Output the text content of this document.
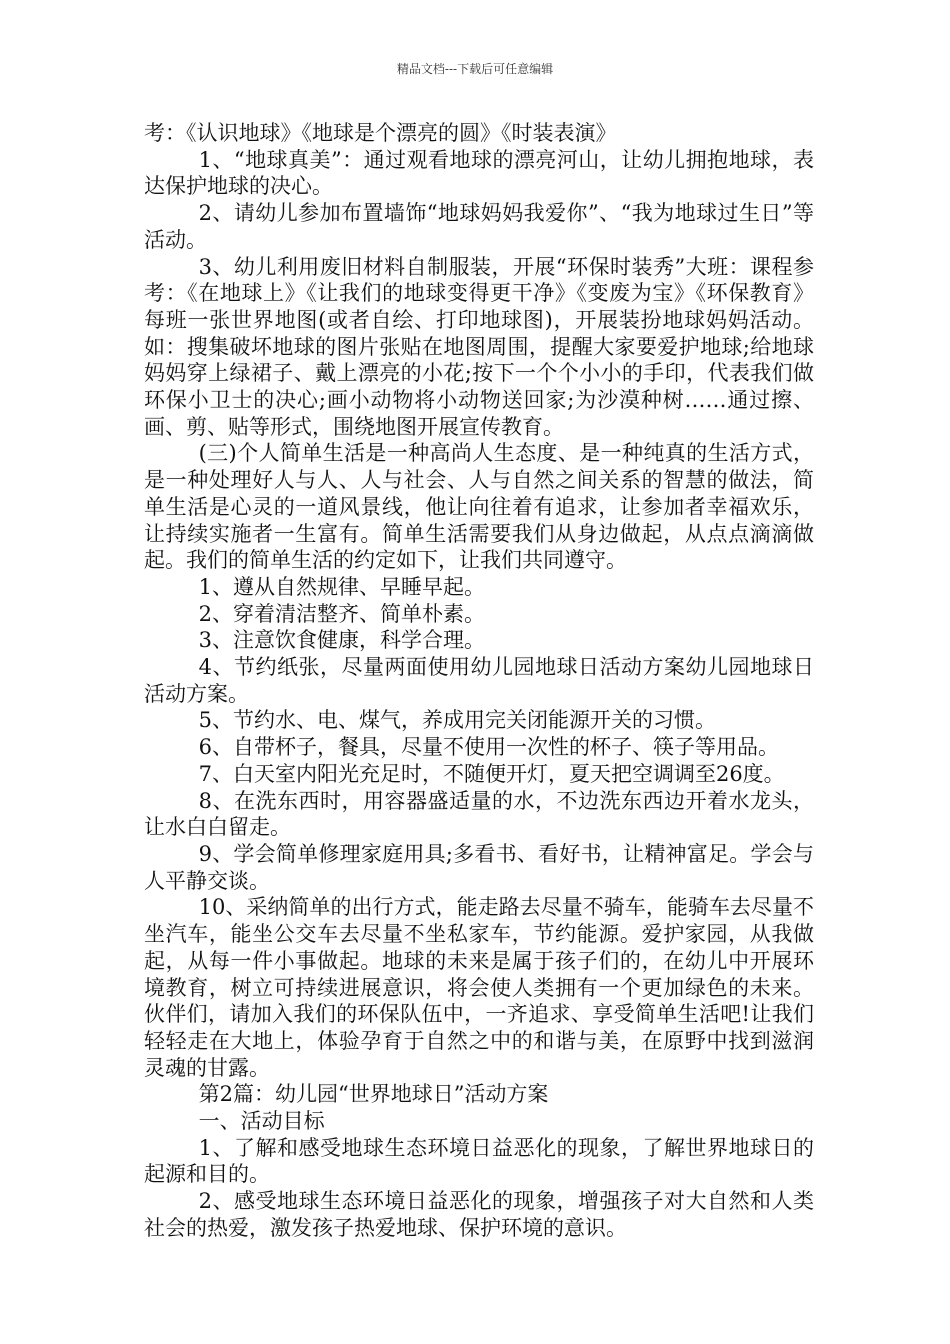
精品文档---下载后可任意编辑

考：《认识地球》《地球是个漂亮的圆》《时装表演》

1、“地球真美”：通过观看地球的漂亮河山，让幼儿拥抱地球，表达保护地球的决心。

2、请幼儿参加布置墙饰“地球妈妈我爱你”、“我为地球过生日”等活动。

3、幼儿利用废旧材料自制服装，开展“环保时装秀”大班：课程参考：《在地球上》《让我们的地球变得更干净》《变废为宝》《环保教育》每班一张世界地图(或者自绘、打印地球图)，开展装扮地球妈妈活动。如：搜集破坏地球的图片张贴在地图周围，提醒大家要爱护地球;给地球妈妈穿上绿裙子、戴上漂亮的小花;按下一个个小小的手印，代表我们做环保小卫士的决心;画小动物将小动物送回家;为沙漠种树……通过擦、画、剪、贴等形式，围绕地图开展宣传教育。

(三)个人简单生活是一种高尚人生态度、是一种纯真的生活方式，是一种处理好人与人、人与社会、人与自然之间关系的智慧的做法，简单生活是心灵的一道风景线，他让向往着有追求，让参加者幸福欢乐，让持续实施者一生富有。简单生活需要我们从身边做起，从点点滴滴做起。我们的简单生活的约定如下，让我们共同遵守。

1、遵从自然规律、早睡早起。

2、穿着清洁整齐、简单朴素。

3、注意饮食健康，科学合理。

4、节约纸张，尽量两面使用幼儿园地球日活动方案幼儿园地球日活动方案。

5、节约水、电、煤气，养成用完关闭能源开关的习惯。

6、自带杯子，餐具，尽量不使用一次性的杯子、筷子等用品。

7、白天室内阳光充足时，不随便开灯，夏天把空调调至26度。

8、在洗东西时，用容器盛适量的水，不边洗东西边开着水龙头，让水白白留走。

9、学会简单修理家庭用具;多看书、看好书，让精神富足。学会与人平静交谈。

10、采纳简单的出行方式，能走路去尽量不骑车，能骑车去尽量不坐汽车，能坐公交车去尽量不坐私家车，节约能源。爱护家园，从我做起，从每一件小事做起。地球的未来是属于孩子们的，在幼儿中开展环境教育，树立可持续进展意识，将会使人类拥有一个更加绿色的未来。伙伴们，请加入我们的环保队伍中，一齐追求、享受简单生活吧!让我们轻轻走在大地上，体验孕育于自然之中的和谐与美，在原野中找到滋润灵魂的甘露。

第2篇：幼儿园“世界地球日”活动方案

一、活动目标

1、了解和感受地球生态环境日益恶化的现象，了解世界地球日的起源和目的。

2、感受地球生态环境日益恶化的现象，增强孩子对大自然和人类社会的热爱，激发孩子热爱地球、保护环境的意识。
